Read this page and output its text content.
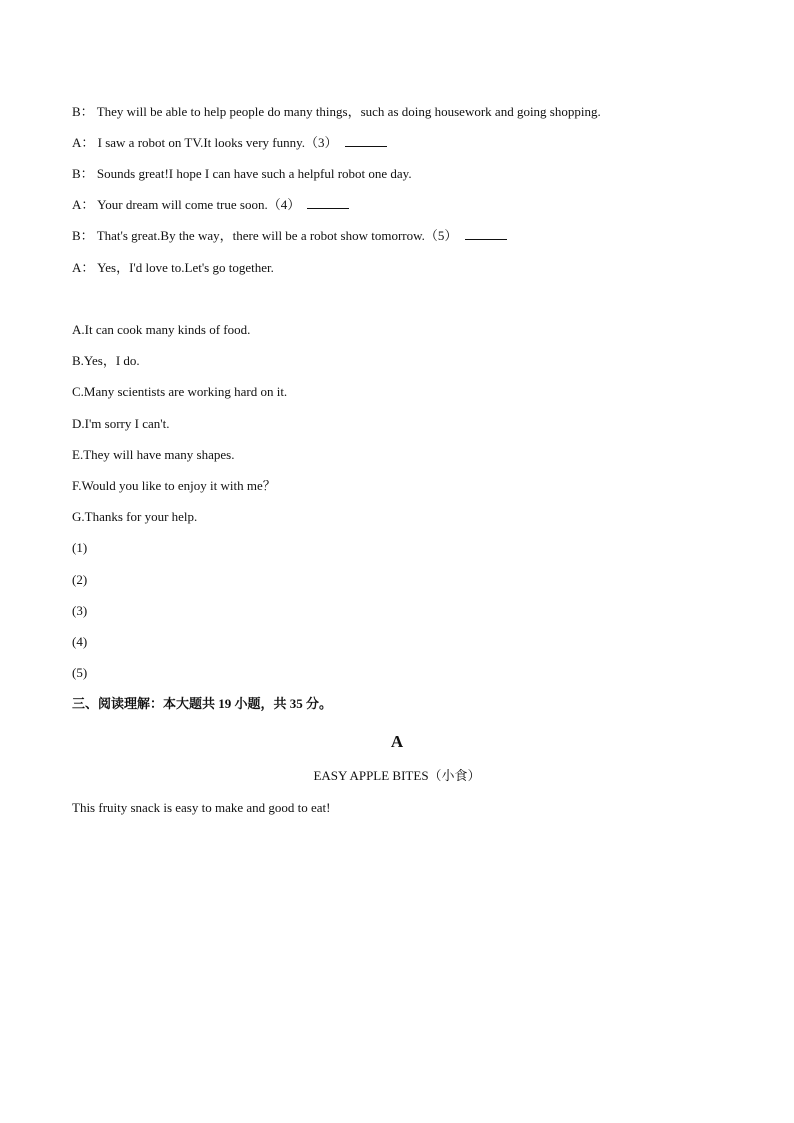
B： They will be able to help people do many things，such as doing housework and going shopping.
A： I saw a robot on TV.It looks very funny.（3）
B： Sounds great!I hope I can have such a helpful robot one day.
A： Your dream will come true soon.（4）
B： That's great.By the way，there will be a robot show tomorrow.（5）
A： Yes，I'd love to.Let's go together.
A.It can cook many kinds of food.
B.Yes，I do.
C.Many scientists are working hard on it.
D.I'm sorry I can't.
E.They will have many shapes.
F.Would you like to enjoy it with me？
G.Thanks for your help.
(1)
(2)
(3)
(4)
(5)
三、阅读理解：本大题共 19 小题，共 35 分。
A
EASY APPLE BITES（小食）
This fruity snack is easy to make and good to eat!
